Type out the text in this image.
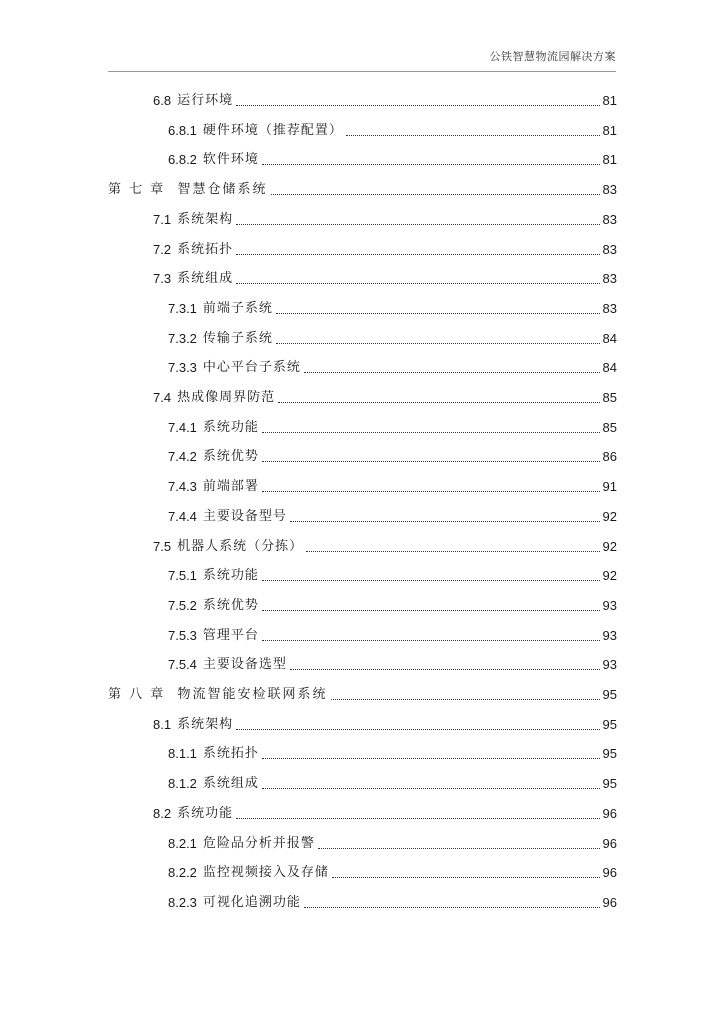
公铁智慧物流园解决方案
6.8 运行环境	81
6.8.1 硬件环境（推荐配置）	81
6.8.2 软件环境	81
第 七 章  智慧仓储系统	83
7.1 系统架构	83
7.2 系统拓扑	83
7.3 系统组成	83
7.3.1 前端子系统	83
7.3.2 传输子系统	84
7.3.3 中心平台子系统	84
7.4 热成像周界防范	85
7.4.1 系统功能	85
7.4.2 系统优势	86
7.4.3 前端部署	91
7.4.4 主要设备型号	92
7.5 机器人系统（分拣）	92
7.5.1 系统功能	92
7.5.2 系统优势	93
7.5.3 管理平台	93
7.5.4 主要设备选型	93
第 八 章  物流智能安检联网系统	95
8.1 系统架构	95
8.1.1 系统拓扑	95
8.1.2 系统组成	95
8.2 系统功能	96
8.2.1 危险品分析并报警	96
8.2.2 监控视频接入及存储	96
8.2.3 可视化追溯功能	96
